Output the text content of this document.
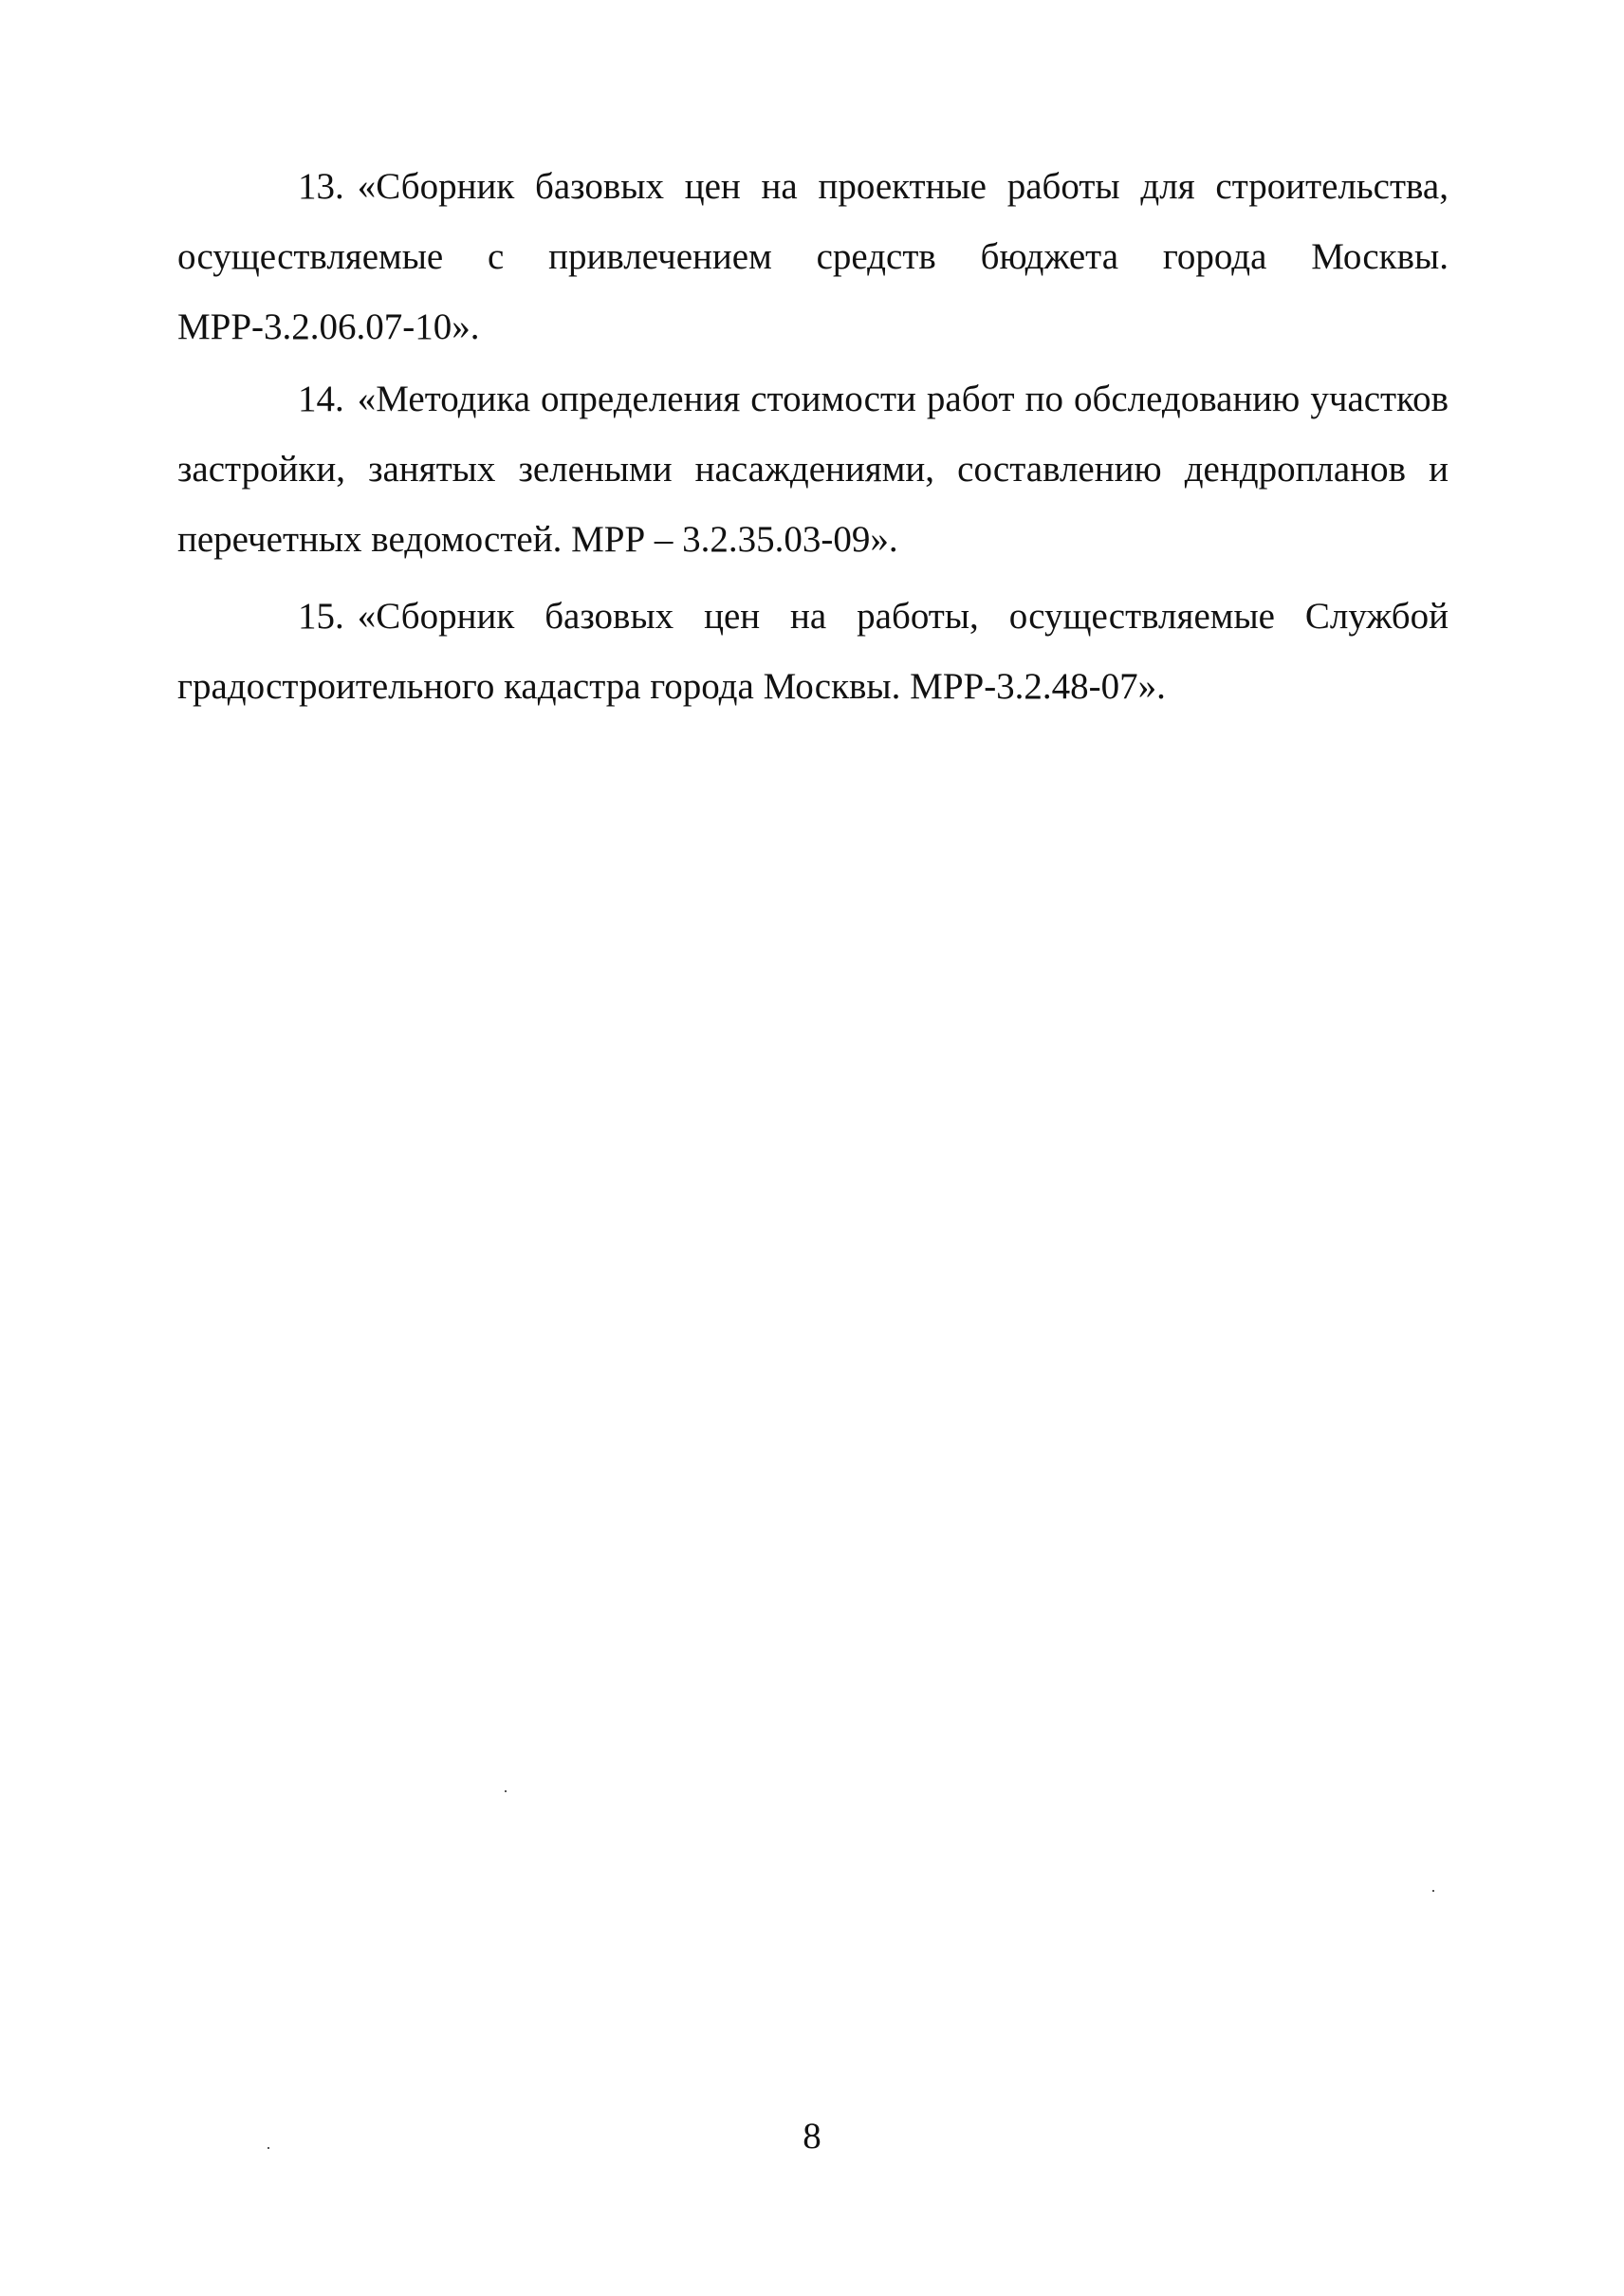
13. «Сборник базовых цен на проектные работы для строительства, осуществляемые с привлечением средств бюджета города Москвы. МРР-3.2.06.07-10».

14. «Методика определения стоимости работ по обследованию участков застройки, занятых зелеными насаждениями, составлению дендропланов и перечетных ведомостей. МРР – 3.2.35.03-09».

15. «Сборник базовых цен на работы, осуществляемые Службой градостроительного кадастра города Москвы. МРР-3.2.48-07».

8
